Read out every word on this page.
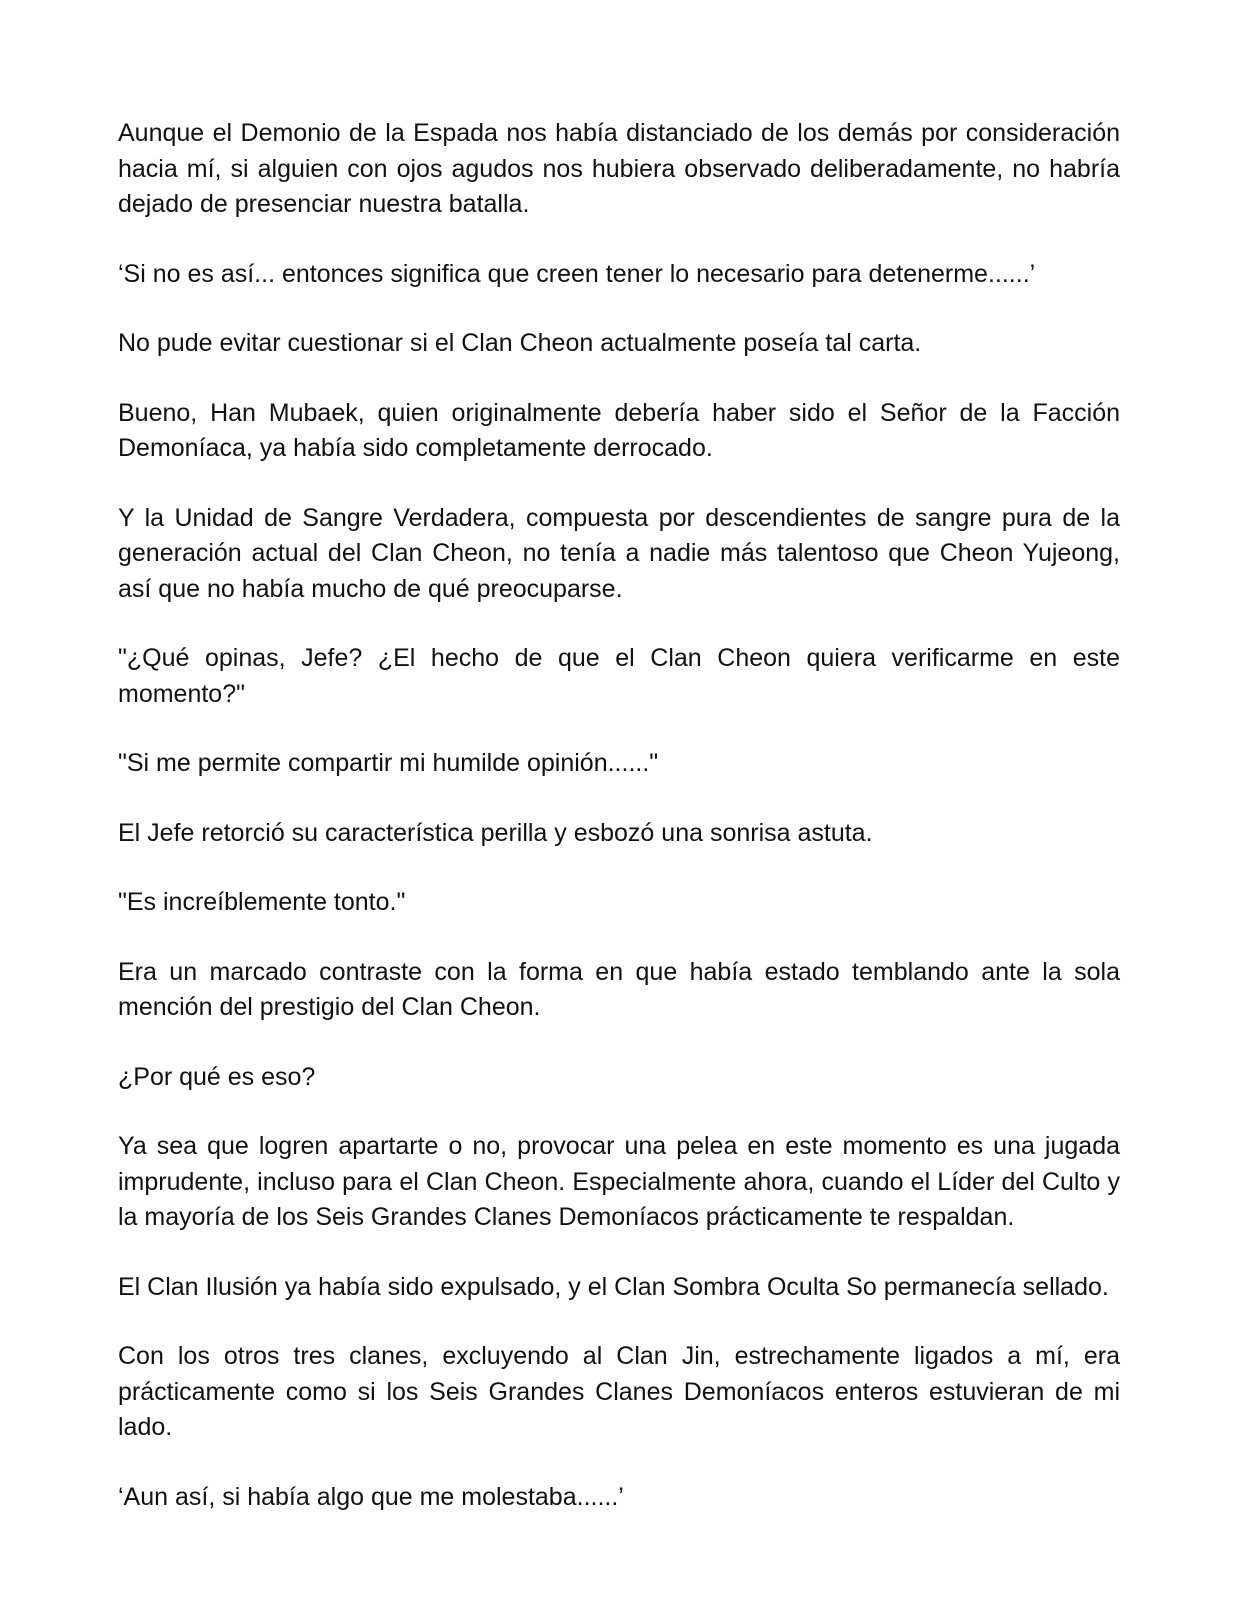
Aunque el Demonio de la Espada nos había distanciado de los demás por consideración hacia mí, si alguien con ojos agudos nos hubiera observado deliberadamente, no habría dejado de presenciar nuestra batalla.

‘Si no es así... entonces significa que creen tener lo necesario para detenerme......’

No pude evitar cuestionar si el Clan Cheon actualmente poseía tal carta.

Bueno, Han Mubaek, quien originalmente debería haber sido el Señor de la Facción Demoníaca, ya había sido completamente derrocado.

Y la Unidad de Sangre Verdadera, compuesta por descendientes de sangre pura de la generación actual del Clan Cheon, no tenía a nadie más talentoso que Cheon Yujeong, así que no había mucho de qué preocuparse.

"¿Qué opinas, Jefe? ¿El hecho de que el Clan Cheon quiera verificarme en este momento?"

"Si me permite compartir mi humilde opinión......"

El Jefe retorció su característica perilla y esbozó una sonrisa astuta.

"Es increíblemente tonto."

Era un marcado contraste con la forma en que había estado temblando ante la sola mención del prestigio del Clan Cheon.

¿Por qué es eso?

Ya sea que logren apartarte o no, provocar una pelea en este momento es una jugada imprudente, incluso para el Clan Cheon. Especialmente ahora, cuando el Líder del Culto y la mayoría de los Seis Grandes Clanes Demoníacos prácticamente te respaldan.

El Clan Ilusión ya había sido expulsado, y el Clan Sombra Oculta So permanecía sellado.

Con los otros tres clanes, excluyendo al Clan Jin, estrechamente ligados a mí, era prácticamente como si los Seis Grandes Clanes Demoníacos enteros estuvieran de mi lado.

‘Aun así, si había algo que me molestaba......’
